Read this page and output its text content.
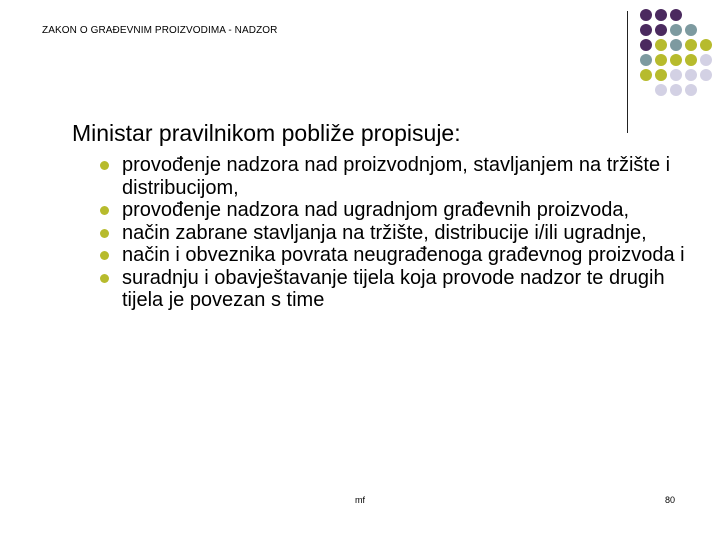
ZAKON O GRAĐEVNIM PROIZVODIMA - NADZOR
Ministar pravilnikom pobliže propisuje:
provođenje nadzora nad proizvodnjom, stavljanjem na tržište i distribucijom,
provođenje nadzora nad ugradnjom građevnih proizvoda,
način zabrane stavljanja na tržište, distribucije i/ili ugradnje,
način i obveznika povrata neugrađenoga građevnog proizvoda i
suradnju i obavještavanje tijela koja provode nadzor te drugih tijela je povezan s time
mf	80
